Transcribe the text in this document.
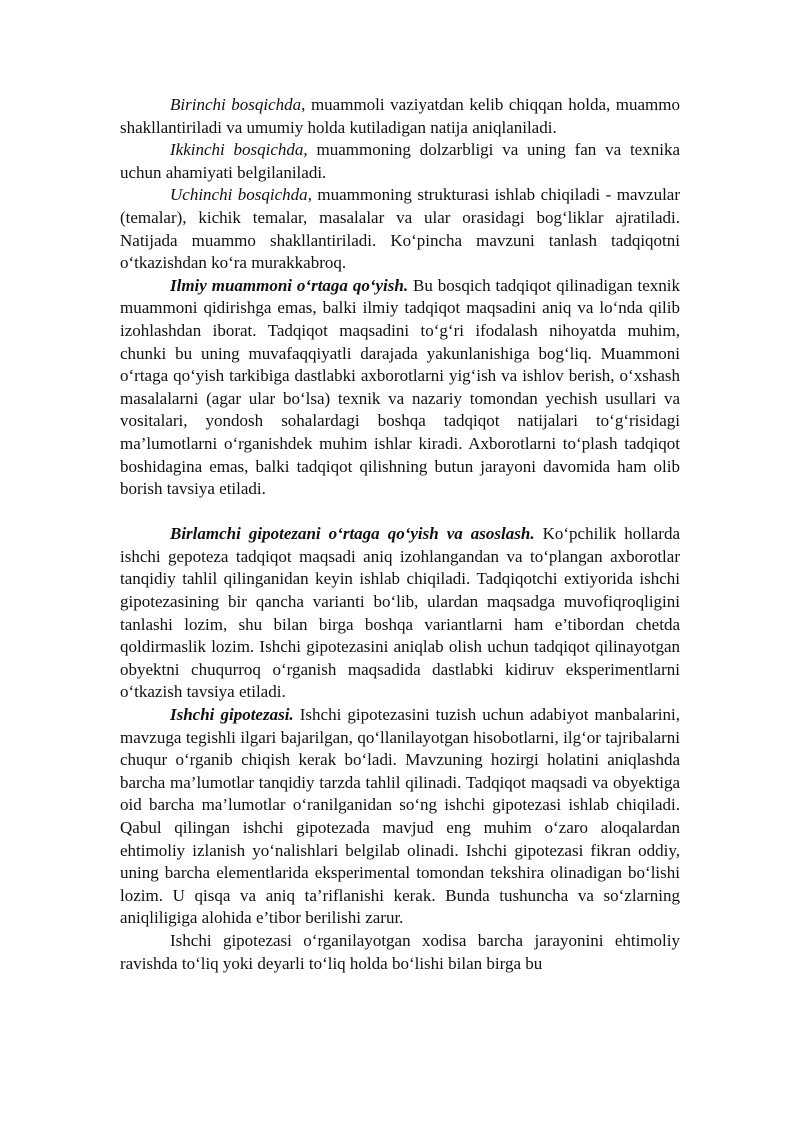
Birinchi bosqichda, muammoli vaziyatdan kelib chiqqan holda, muammo shakllantiriladi va umumiy holda kutiladigan natija aniqlaniladi.

Ikkinchi bosqichda, muammoning dolzarbligi va uning fan va texnika uchun ahamiyati belgilaniladi.

Uchinchi bosqichda, muammoning strukturasi ishlab chiqiladi - mavzular (temalar), kichik temalar, masalalar va ular orasidagi bog‘liklar ajratiladi. Natijada muammo shakllantiriladi. Ko‘pincha mavzuni tanlash tadqiqotni o‘tkazishdan ko‘ra murakkabroq.

Ilmiy muammoni o‘rtaga qo‘yish. Bu bosqich tadqiqot qilinadigan texnik muammoni qidirishga emas, balki ilmiy tadqiqot maqsadini aniq va lo‘nda qilib izohlashdan iborat. Tadqiqot maqsadini to‘g‘ri ifodalash nihoyatda muhim, chunki bu uning muvafaqqiyatli darajada yakunlanishiga bog‘liq. Muammoni o‘rtaga qo‘yish tarkibiga dastlabki axborotlarni yig‘ish va ishlov berish, o‘xshash masalalarni (agar ular bo‘lsa) texnik va nazariy tomondan yechish usullari va vositalari, yondosh sohalardagi boshqa tadqiqot natijalari to‘g‘risidagi ma’lumotlarni o‘rganishdek muhim ishlar kiradi. Axborotlarni to‘plash tadqiqot boshidagina emas, balki tadqiqot qilishning butun jarayoni davomida ham olib borish tavsiya etiladi.

Birlamchi gipotezani o‘rtaga qo‘yish va asoslash. Ko‘pchilik hollarda ishchi gepoteza tadqiqot maqsadi aniq izohlangandan va to‘plangan axborotlar tanqidiy tahlil qilinganidan keyin ishlab chiqiladi. Tadqiqotchi extiyorida ishchi gipotezasining bir qancha varianti bo‘lib, ulardan maqsadga muvofiqroqligini tanlashi lozim, shu bilan birga boshqa variantlarni ham e’tibordan chetda qoldirmaslik lozim. Ishchi gipotezasini aniqlab olish uchun tadqiqot qilinayotgan obyektni chuqurroq o‘rganish maqsadida dastlabki kidiruv eksperimentlarni o‘tkazish tavsiya etiladi.

Ishchi gipotezasi. Ishchi gipotezasini tuzish uchun adabiyot manbalarini, mavzuga tegishli ilgari bajarilgan, qo‘llanilayotgan hisobotlarni, ilg‘or tajribalarni chuqur o‘rganib chiqish kerak bo‘ladi. Mavzuning hozirgi holatini aniqlashda barcha ma’lumotlar tanqidiy tarzda tahlil qilinadi. Tadqiqot maqsadi va obyektiga oid barcha ma’lumotlar o‘ranilganidan so‘ng ishchi gipotezasi ishlab chiqiladi. Qabul qilingan ishchi gipotezada mavjud eng muhim o‘zaro aloqalardan ehtimoliy izlanish yo‘nalishlari belgilab olinadi. Ishchi gipotezasi fikran oddiy, uning barcha elementlarida eksperimental tomondan tekshira olinadigan bo‘lishi lozim. U qisqa va aniq ta’riflanishi kerak. Bunda tushuncha va so‘zlarning aniqliligiga alohida e’tibor berilishi zarur.

Ishchi gipotezasi o‘rganilayotgan xodisa barcha jarayonini ehtimoliy ravishda to‘liq yoki deyarli to‘liq holda bo‘lishi bilan birga bu
